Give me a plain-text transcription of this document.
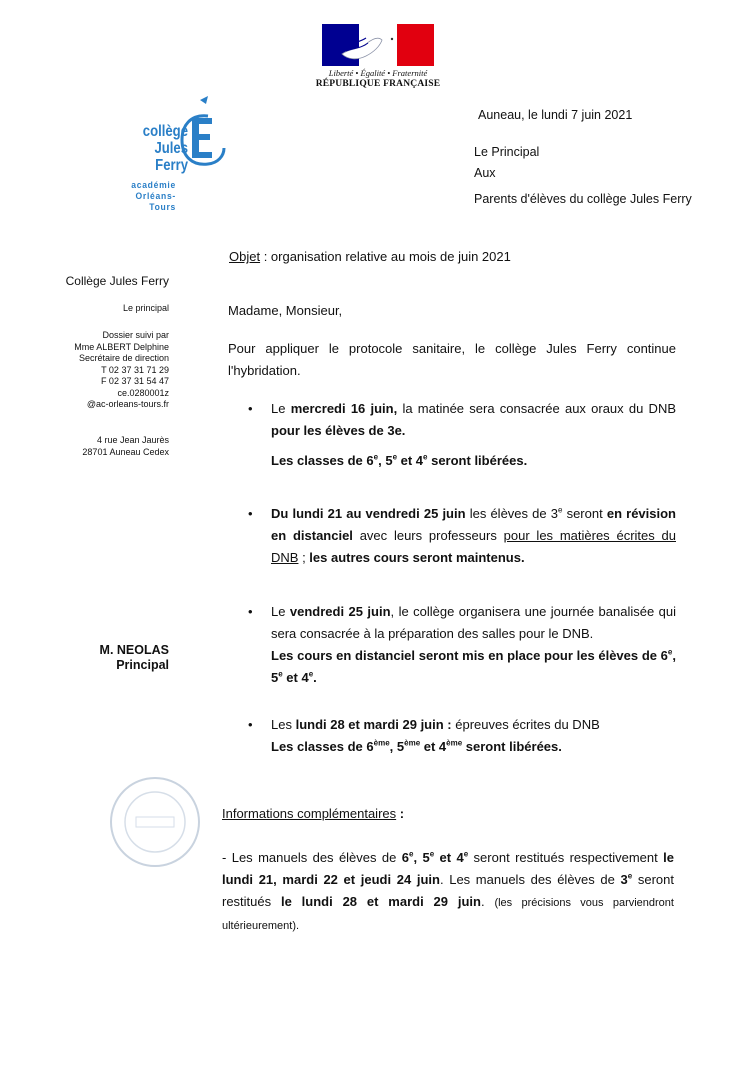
Liberté • Égalité • Fraternité
RÉPUBLIQUE FRANÇAISE
collège
Jules Ferry
académie
Orléans-Tours
Auneau, le lundi 7 juin 2021
Le Principal
Aux
Parents d'élèves du collège Jules Ferry
Collège Jules Ferry
Le principal
Dossier suivi par
Mme ALBERT Delphine
Secrétaire de direction
T 02 37 31 71 29
F 02 37 31 54 47
ce.0280001z
@ac-orleans-tours.fr
4 rue Jean Jaurès
28701 Auneau Cedex
M. NEOLAS
Principal
Objet : organisation relative au mois de juin 2021
Madame, Monsieur,
Pour appliquer le protocole sanitaire, le collège Jules Ferry continue l'hybridation.
• Le mercredi 16 juin, la matinée sera consacrée aux oraux du DNB pour les élèves de 3e.
Les classes de 6e, 5e et 4e seront libérées.
• Du lundi 21 au vendredi 25 juin les élèves de 3e seront en révision en distanciel avec leurs professeurs pour les matières écrites du DNB ; les autres cours seront maintenus.
• Le vendredi 25 juin, le collège organisera une journée banalisée qui sera consacrée à la préparation des salles pour le DNB.
Les cours en distanciel seront mis en place pour les élèves de 6e, 5e et 4e.
• Les lundi 28 et mardi 29 juin : épreuves écrites du DNB
Les classes de 6ème, 5ème et 4ème seront libérées.
Informations complémentaires :
- Les manuels des élèves de 6e, 5e et 4e seront restitués respectivement le lundi 21, mardi 22 et jeudi 24 juin. Les manuels des élèves de 3e seront restitués le lundi 28 et mardi 29 juin. (les précisions vous parviendront ultérieurement).
